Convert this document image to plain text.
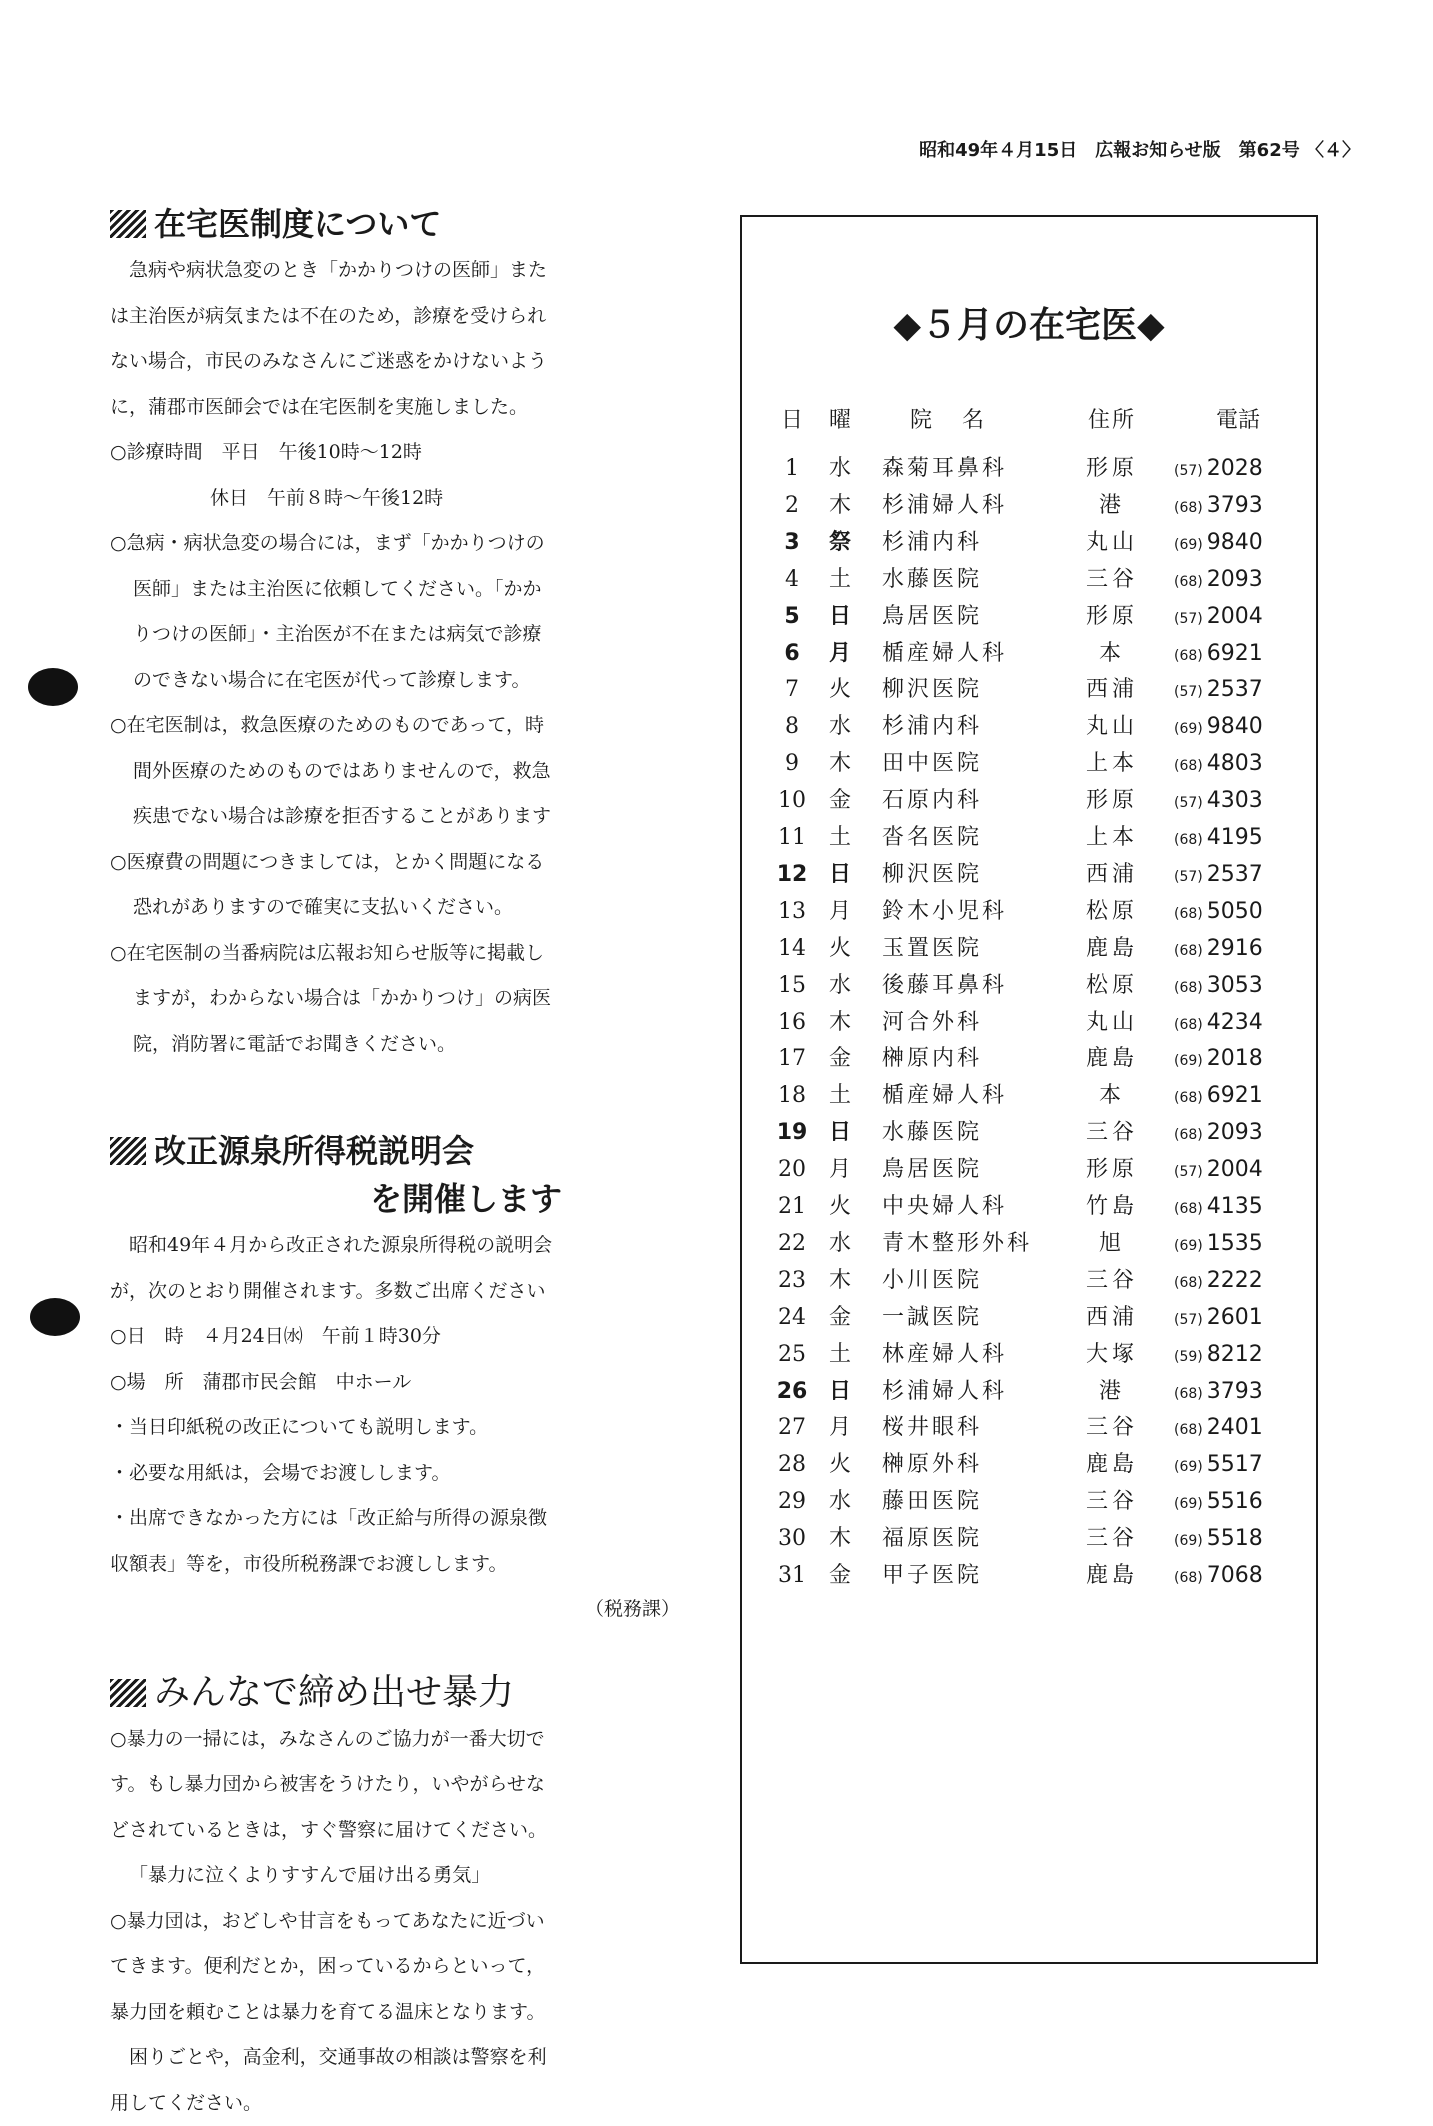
昭和49年４月15日　広報お知らせ版　第62号 〈４〉
在宅医制度について
急病や病状急変のとき「かかりつけの医師」また
は主治医が病気または不在のため，診療を受けられ
ない場合，市民のみなさんにご迷惑をかけないよう
に，蒲郡市医師会では在宅医制を実施しました。
○診療時間　平日　午後10時〜12時
休日　午前８時〜午後12時
○急病・病状急変の場合には，まず「かかりつけの
医師」または主治医に依頼してください。「かか
りつけの医師」・主治医が不在または病気で診療
のできない場合に在宅医が代って診療します。
○在宅医制は，救急医療のためのものであって，時
間外医療のためのものではありませんので，救急
疾患でない場合は診療を拒否することがあります
○医療費の問題につきましては，とかく問題になる
恐れがありますので確実に支払いください。
○在宅医制の当番病院は広報お知らせ版等に掲載し
ますが，わからない場合は「かかりつけ」の病医
院，消防署に電話でお聞きください。
改正源泉所得税説明会
を開催します
昭和49年４月から改正された源泉所得税の説明会
が，次のとおり開催されます。多数ご出席ください
○日　時　４月24日㈬　午前１時30分
○場　所　蒲郡市民会館　中ホール
・当日印紙税の改正についても説明します。
・必要な用紙は，会場でお渡しします。
・出席できなかった方には「改正給与所得の源泉徴
収額表」等を，市役所税務課でお渡しします。
（税務課）
みんなで締め出せ暴力
○暴力の一掃には，みなさんのご協力が一番大切で
す。もし暴力団から被害をうけたり，いやがらせな
どされているときは，すぐ警察に届けてください。
「暴力に泣くよりすすんで届け出る勇気」
○暴力団は，おどしや甘言をもってあなたに近づい
てきます。便利だとか，困っているからといって，
暴力団を頼むことは暴力を育てる温床となります。
困りごとや，高金利，交通事故の相談は警察を利
用してください。
◆５月の在宅医◆
日	曜	院名	住所	電話
1	水	森菊耳鼻科	形原	(57) 2028
2	木	杉浦婦人科	港	(68) 3793
3	祭	杉浦内科	丸山	(69) 9840
4	土	水藤医院	三谷	(68) 2093
5	日	鳥居医院	形原	(57) 2004
6	月	楯産婦人科	本	(68) 6921
7	火	柳沢医院	西浦	(57) 2537
8	水	杉浦内科	丸山	(69) 9840
9	木	田中医院	上本	(68) 4803
10	金	石原内科	形原	(57) 4303
11	土	沓名医院	上本	(68) 4195
12 日	柳沢医院	西浦	(57) 2537
13	月	鈴木小児科	松原	(68) 5050
14	火	玉置医院	鹿島	(68) 2916
15	水	後藤耳鼻科	松原	(68) 3053
16	木	河合外科	丸山	(68) 4234
17	金	榊原内科	鹿島	(69) 2018
18	土	楯産婦人科	本	(68) 6921
19 日	水藤医院	三谷	(68) 2093
20	月	鳥居医院	形原	(57) 2004
21	火	中央婦人科	竹島	(68) 4135
22	水	青木整形外科	旭	(69) 1535
23	木	小川医院	三谷	(68) 2222
24	金	一誠医院	西浦	(57) 2601
25	土	林産婦人科	大塚	(59) 8212
26 日	杉浦婦人科	港	(68) 3793
27	月	桜井眼科	三谷	(68) 2401
28	火	榊原外科	鹿島	(69) 5517
29	水	藤田医院	三谷	(69) 5516
30	木	福原医院	三谷	(69) 5518
31	金	甲子医院	鹿島	(68) 7068
